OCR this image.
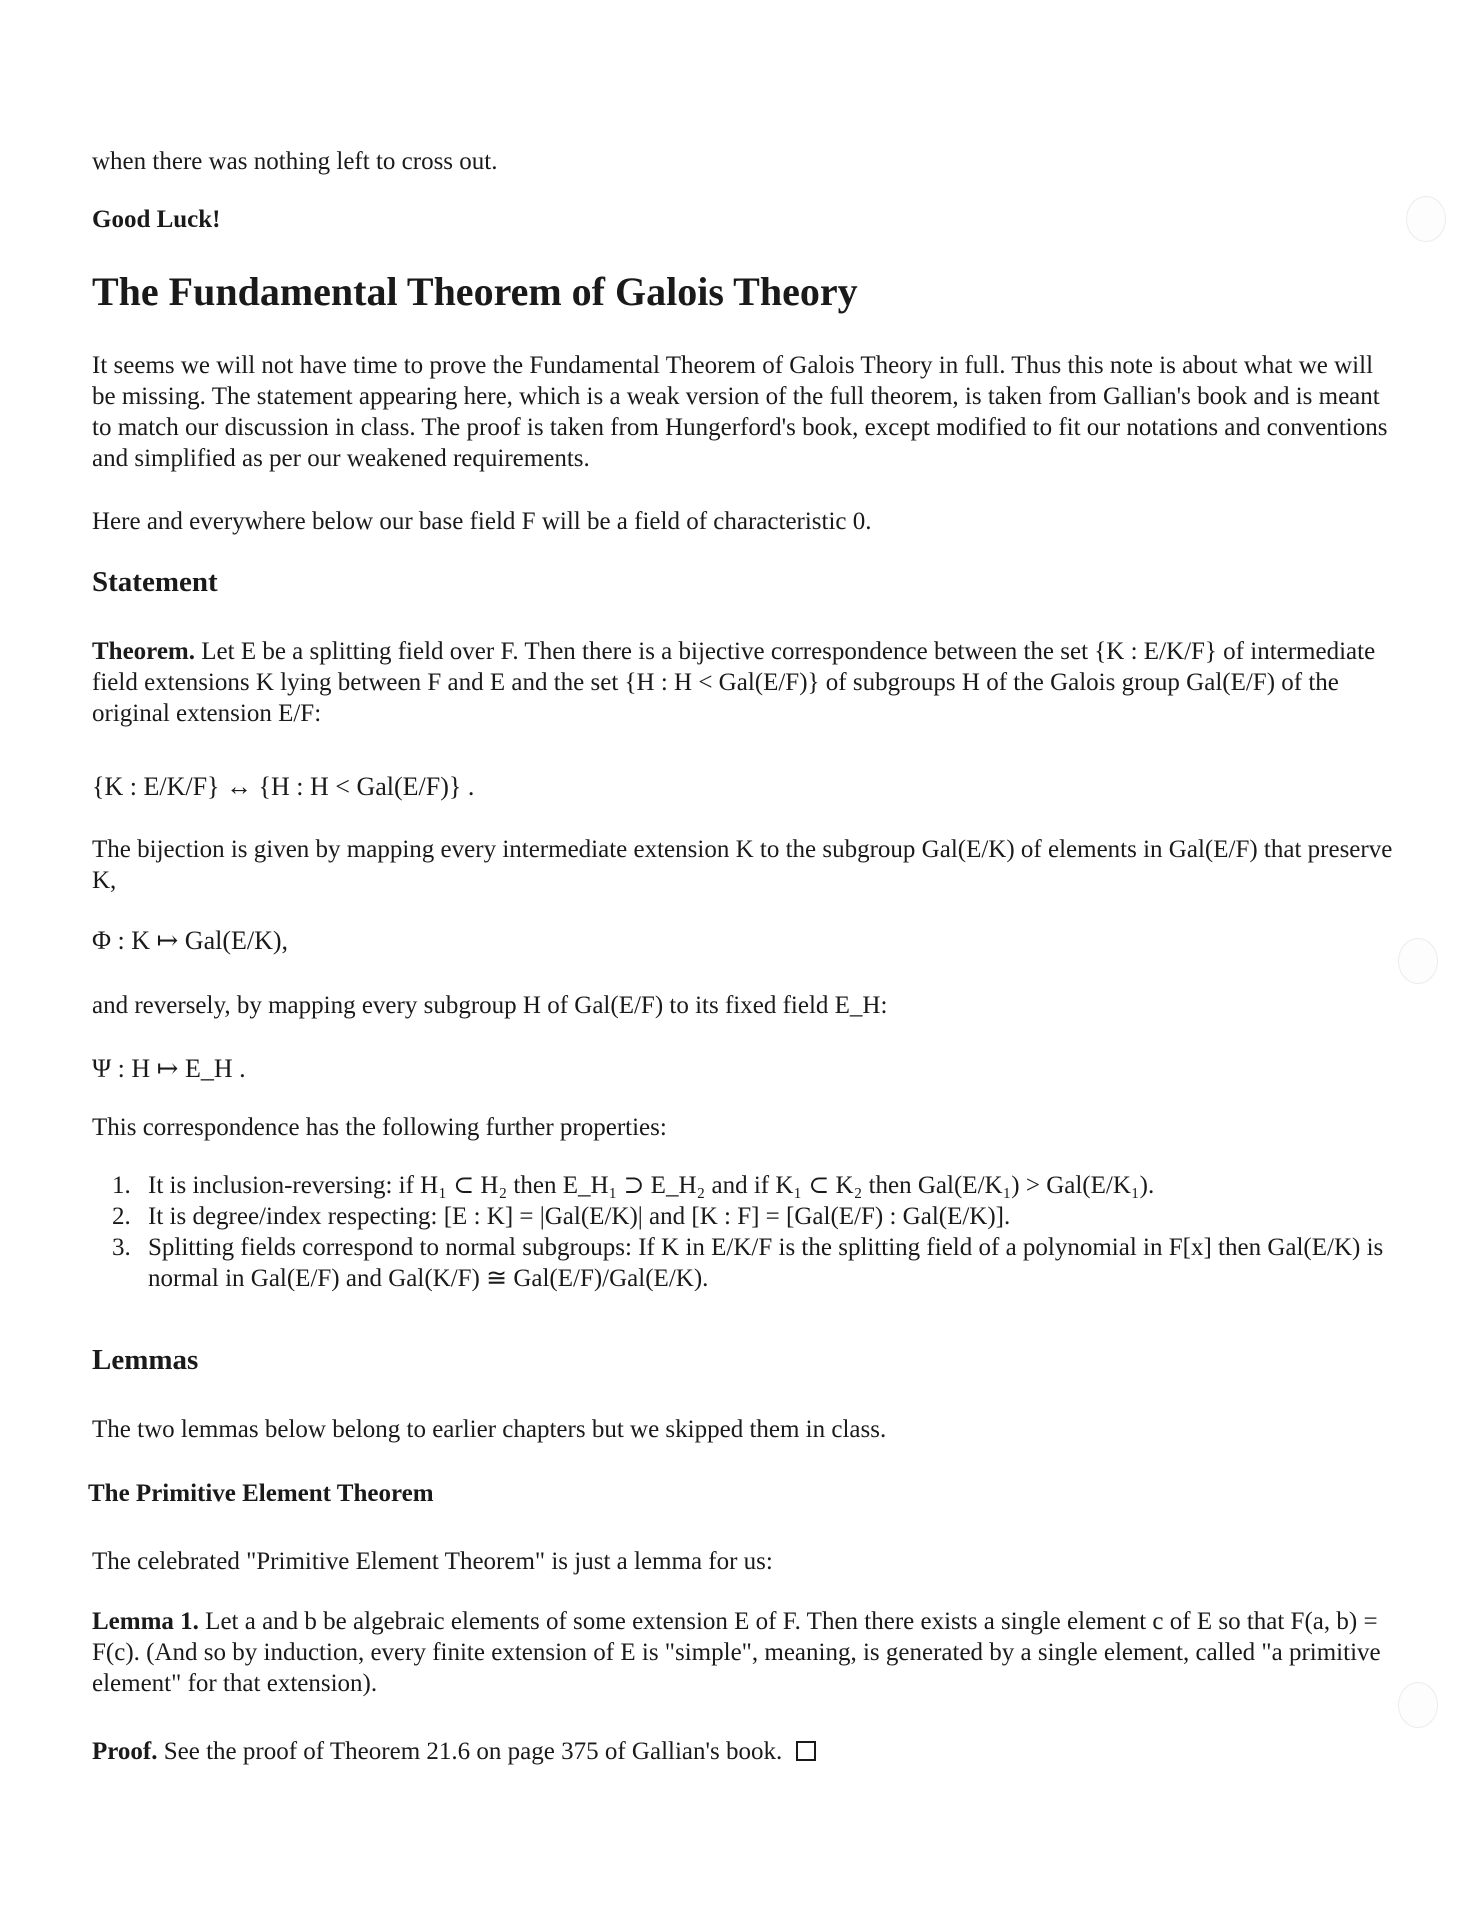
when there was nothing left to cross out.

Good Luck!

The Fundamental Theorem of Galois Theory

It seems we will not have time to prove the Fundamental Theorem of Galois Theory in full. Thus this note is about what we will be missing. The statement appearing here, which is a weak version of the full theorem, is taken from Gallian's book and is meant to match our discussion in class. The proof is taken from Hungerford's book, except modified to fit our notations and conventions and simplified as per our weakened requirements.

Here and everywhere below our base field F will be a field of characteristic 0.

Statement

Theorem. Let E be a splitting field over F. Then there is a bijective correspondence between the set {K : E/K/F} of intermediate field extensions K lying between F and E and the set {H : H < Gal(E/F)} of subgroups H of the Galois group Gal(E/F) of the original extension E/F:

{K : E/K/F} ↔ {H : H < Gal(E/F)} .

The bijection is given by mapping every intermediate extension K to the subgroup Gal(E/K) of elements in Gal(E/F) that preserve K,

Φ : K ↦ Gal(E/K),

and reversely, by mapping every subgroup H of Gal(E/F) to its fixed field E_H:

Ψ : H ↦ E_H .

This correspondence has the following further properties:

1. It is inclusion-reversing: if H₁ ⊂ H₂ then E_H₁ ⊃ E_H₂ and if K₁ ⊂ K₂ then Gal(E/K₁) > Gal(E/K₁).
2. It is degree/index respecting: [E : K] = |Gal(E/K)| and [K : F] = [Gal(E/F) : Gal(E/K)].
3. Splitting fields correspond to normal subgroups: If K in E/K/F is the splitting field of a polynomial in F[x] then Gal(E/K) is normal in Gal(E/F) and Gal(K/F) ≅ Gal(E/F)/Gal(E/K).
Lemmas

The two lemmas below belong to earlier chapters but we skipped them in class.

The Primitive Element Theorem

The celebrated "Primitive Element Theorem" is just a lemma for us:

Lemma 1. Let a and b be algebraic elements of some extension E of F. Then there exists a single element c of E so that F(a, b) = F(c). (And so by induction, every finite extension of E is "simple", meaning, is generated by a single element, called "a primitive element" for that extension).

Proof. See the proof of Theorem 21.6 on page 375 of Gallian's book.
